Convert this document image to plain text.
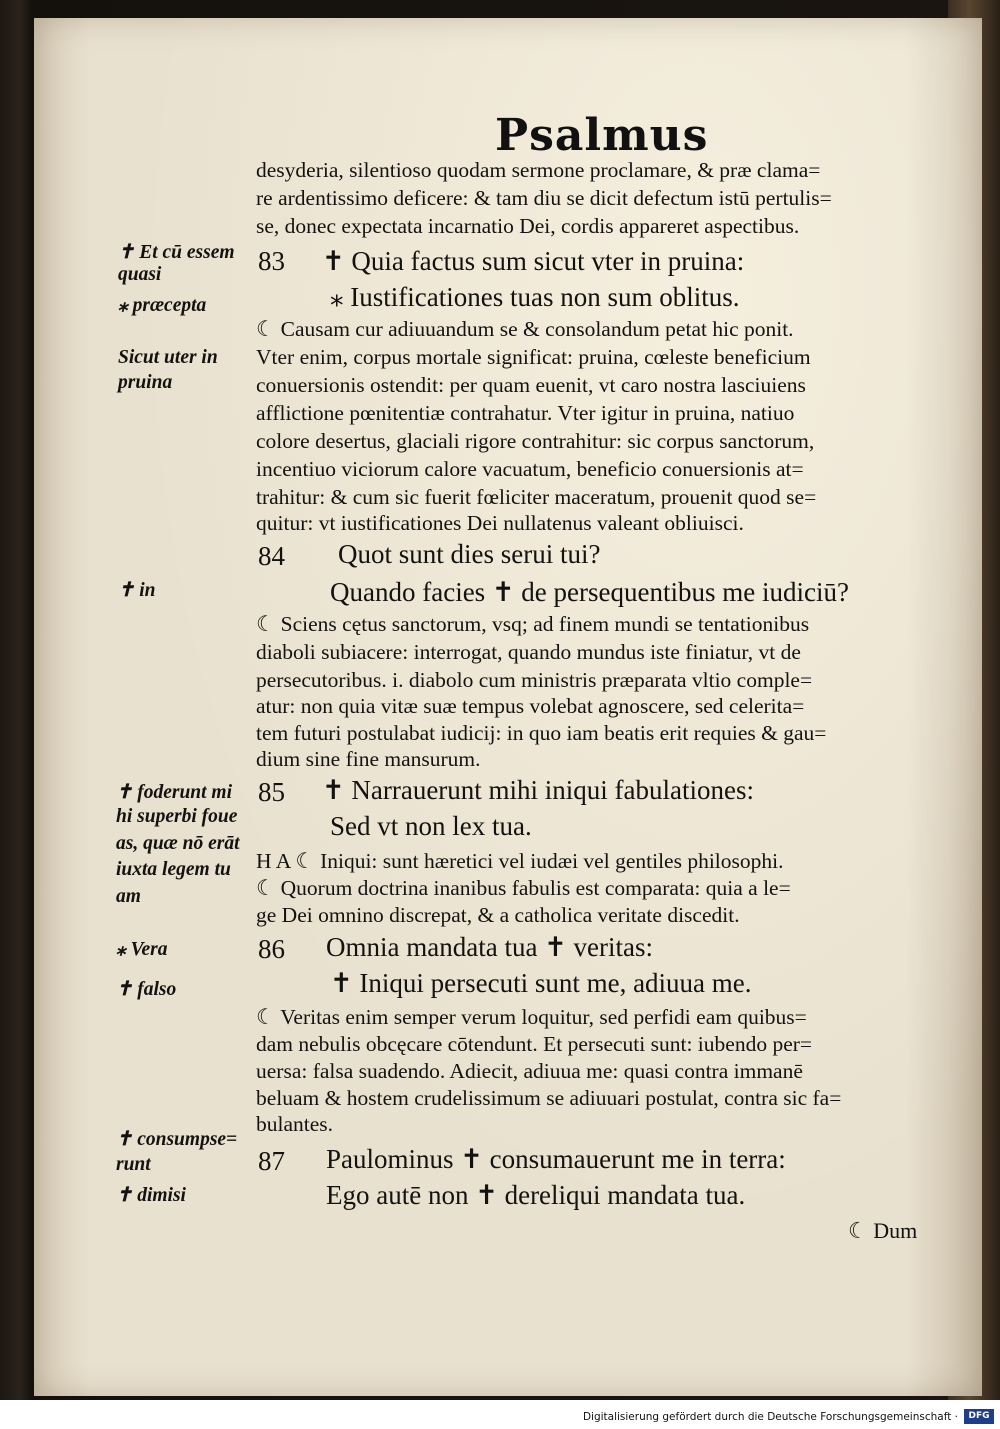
Psalmus
desyderia, silentioso quodam sermone proclamare, & præ clama=
re ardentissimo deficere: & tam diu se dicit defectum istū pertulis=
se, donec expectata incarnatio Dei, cordis appareret aspectibus.
83 ✝ Quia factus sum sicut vter in pruina:
⁎ Iustificationes tuas non sum oblitus.
☾ Causam cur adiuuandum se & consolandum petat hic ponit.
Vter enim, corpus mortale significat: pruina, cœleste beneficium
conuersionis ostendit: per quam euenit, vt caro nostra lasciuiens
afflictione pœnitentiæ contrahatur. Vter igitur in pruina, natiuo
colore desertus, glaciali rigore contrahitur: sic corpus sanctorum,
incentiuo viciorum calore vacuatum, beneficio conuersionis at=
trahitur: & cum sic fuerit fœliciter maceratum, prouenit quod se=
quitur: vt iustificationes Dei nullatenus valeant obliuisci.
84 Quot sunt dies serui tui?
Quando facies ✝ de persequentibus me iudiciū?
☾ Sciens cętus sanctorum, vsq; ad finem mundi se tentationibus
diaboli subiacere: interrogat, quando mundus iste finiatur, vt de
persecutoribus. i. diabolo cum ministris præparata vltio comple=
atur: non quia vitæ suæ tempus volebat agnoscere, sed celerita=
tem futuri postulabat iudicij: in quo iam beatis erit requies & gau=
dium sine fine mansurum.
85 ✝ Narrauerunt mihi iniqui fabulationes:
Sed vt non lex tua.
H A ☾ Iniqui: sunt hæretici vel iudæi vel gentiles philosophi.
☾ Quorum doctrina inanibus fabulis est comparata: quia a le=
ge Dei omnino discrepat, & a catholica veritate discedit.
86 Omnia mandata tua ✝ veritas:
✝ Iniqui persecuti sunt me, adiuua me.
☾ Veritas enim semper verum loquitur, sed perfidi eam quibus=
dam nebulis obcęcare cōtendunt. Et persecuti sunt: iubendo per=
uersa: falsa suadendo. Adiecit, adiuua me: quasi contra immanē
beluam & hostem crudelissimum se adiuuari postulat, contra sic fa=
bulantes.
87 Paulominus ✝ consumauerunt me in terra:
Ego autē non ✝ dereliqui mandata tua.
☾ Dum
✝ Et cū essem
quasi
⁎ præcepta
Sicut uter in
pruina
✝ in
✝ foderunt mi
hi superbi foue
as, quæ nō erāt
iuxta legem tu
am
⁎ Vera
✝ falso
✝ consumpse=
runt
✝ dimisi
Digitalisierung gefördert durch die Deutsche Forschungsgemeinschaft ·	DFG
